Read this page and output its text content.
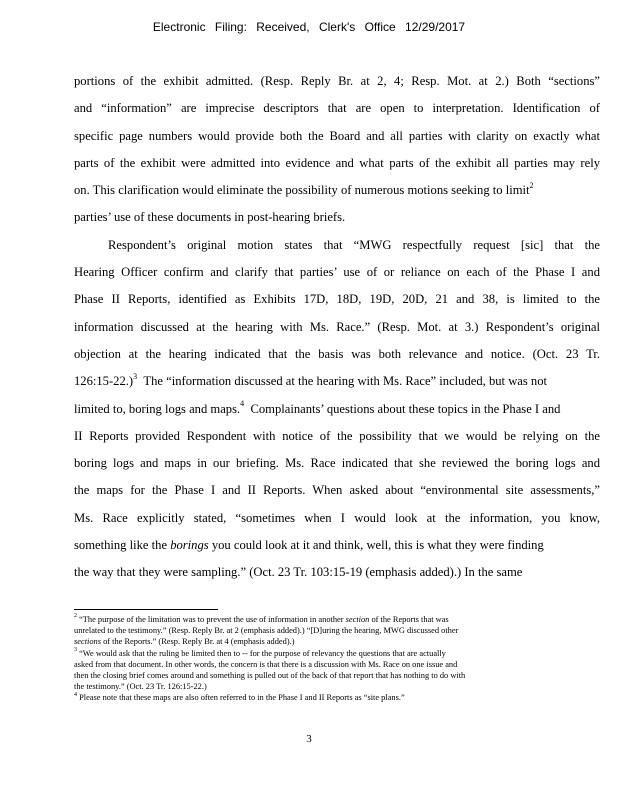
Electronic Filing: Received, Clerk's Office 12/29/2017
portions of the exhibit admitted. (Resp. Reply Br. at 2, 4; Resp. Mot. at 2.) Both “sections”
and “information” are imprecise descriptors that are open to interpretation. Identification of
specific page numbers would provide both the Board and all parties with clarity on exactly what
parts of the exhibit were admitted into evidence and what parts of the exhibit all parties may rely
on. This clarification would eliminate the possibility of numerous motions seeking to limit$^2$
parties’ use of these documents in post-hearing briefs.
Respondent’s original motion states that “MWG respectfully request [sic] that the
Hearing Officer confirm and clarify that parties’ use of or reliance on each of the Phase I and
Phase II Reports, identified as Exhibits 17D, 18D, 19D, 20D, 21 and 38, is limited to the
information discussed at the hearing with Ms. Race.” (Resp. Mot. at 3.) Respondent’s original
objection at the hearing indicated that the basis was both relevance and notice. (Oct. 23 Tr.
126:15-22.)$^3$ The “information discussed at the hearing with Ms. Race” included, but was not
limited to, boring logs and maps.$^4$ Complainants’ questions about these topics in the Phase I and
II Reports provided Respondent with notice of the possibility that we would be relying on the
boring logs and maps in our briefing. Ms. Race indicated that she reviewed the boring logs and
the maps for the Phase I and II Reports. When asked about “environmental site assessments,”
Ms. Race explicitly stated, “sometimes when I would look at the information, you know,
something like the borings you could look at it and think, well, this is what they were finding
the way that they were sampling.” (Oct. 23 Tr. 103:15-19 (emphasis added).) In the same
$^2$ “The purpose of the limitation was to prevent the use of information in another section of the Reports that was
unrelated to the testimony.” (Resp. Reply Br. at 2 (emphasis added).) “[D]uring the hearing, MWG discussed other
sections of the Reports.” (Resp. Reply Br. at 4 (emphasis added).)
$^3$ “We would ask that the ruling be limited then to -- for the purpose of relevancy the questions that are actually
asked from that document. In other words, the concern is that there is a discussion with Ms. Race on one issue and
then the closing brief comes around and something is pulled out of the back of that report that has nothing to do with
the testimony.” (Oct. 23 Tr. 126:15-22.)
$^4$ Please note that these maps are also often referred to in the Phase I and II Reports as “site plans.”
3
